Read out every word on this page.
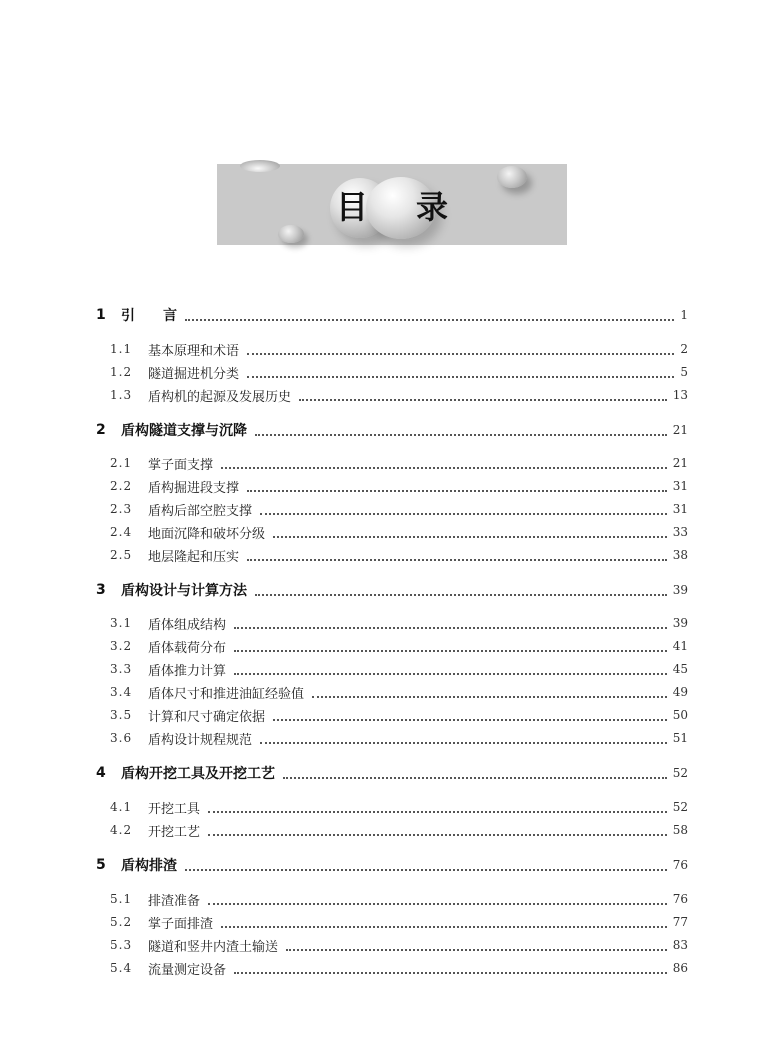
目 录
1 引　　言	1
1.1 基本原理和术语	2
1.2 隧道掘进机分类	5
1.3 盾构机的起源及发展历史	13
2 盾构隧道支撑与沉降	21
2.1 掌子面支撑	21
2.2 盾构掘进段支撑	31
2.3 盾构后部空腔支撑	31
2.4 地面沉降和破坏分级	33
2.5 地层隆起和压实	38
3 盾构设计与计算方法	39
3.1 盾体组成结构	39
3.2 盾体载荷分布	41
3.3 盾体推力计算	45
3.4 盾体尺寸和推进油缸经验值	49
3.5 计算和尺寸确定依据	50
3.6 盾构设计规程规范	51
4 盾构开挖工具及开挖工艺	52
4.1 开挖工具	52
4.2 开挖工艺	58
5 盾构排渣	76
5.1 排渣准备	76
5.2 掌子面排渣	77
5.3 隧道和竖井内渣土输送	83
5.4 流量测定设备	86
